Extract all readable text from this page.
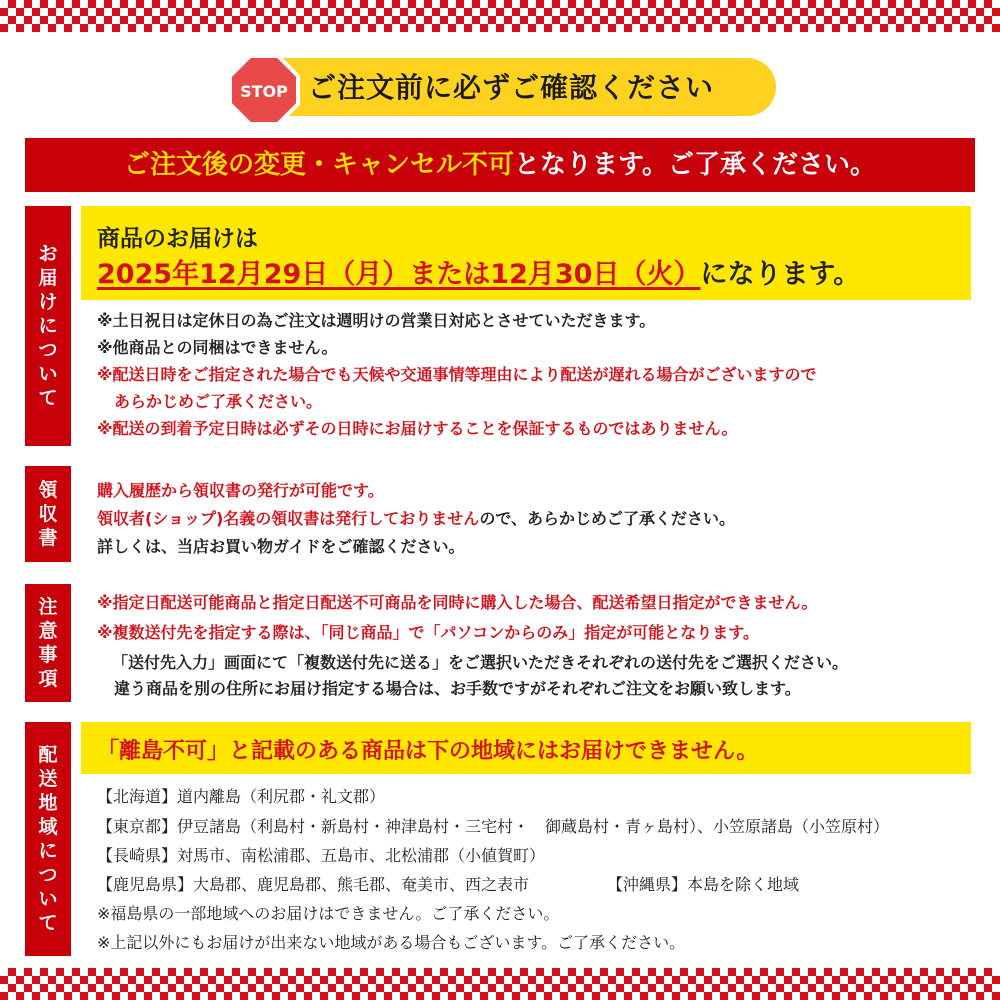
STOP ご注文前に必ずご確認ください
ご注文後の変更・キャンセル不可となります。ご了承ください。
お
届
け
に
つ
い
て
商品のお届けは
2025年12月29日（月）または12月30日（火）になります。
※土日祝日は定休日の為ご注文は週明けの営業日対応とさせていただきます。
※他商品との同梱はできません。
※配送日時をご指定された場合でも天候や交通事情等理由により配送が遅れる場合がございますので
あらかじめご了承ください。
※配送の到着予定日時は必ずその日時にお届けすることを保証するものではありません。
領
収
書
購入履歴から領収書の発行が可能です。
領収者(ショップ)名義の領収書は発行しておりませんので、あらかじめご了承ください。
詳しくは、当店お買い物ガイドをご確認ください。
注
意
事
項
※指定日配送可能商品と指定日配送不可商品を同時に購入した場合、配送希望日指定ができません。
※複数送付先を指定する際は、「同じ商品」で「パソコンからのみ」指定が可能となります。
「送付先入力」画面にて「複数送付先に送る」をご選択いただきそれぞれの送付先をご選択ください。
違う商品を別の住所にお届け指定する場合は、お手数ですがそれぞれご注文をお願い致します。
配
送
地
域
に
つ
い
て
「離島不可」と記載のある商品は下の地域にはお届けできません。
【北海道】道内離島（利尻郡・礼文郡）
【東京都】伊豆諸島（利島村・新島村・神津島村・三宅村・　御蔵島村・青ヶ島村）、小笠原諸島（小笠原村）
【長崎県】対馬市、南松浦郡、五島市、北松浦郡（小値賀町）
【鹿児島県】大島郡、鹿児島郡、熊毛郡、奄美市、西之表市	【沖縄県】本島を除く地域
※福島県の一部地域へのお届けはできません。ご了承ください。
※上記以外にもお届けが出来ない地域がある場合もございます。ご了承ください。
